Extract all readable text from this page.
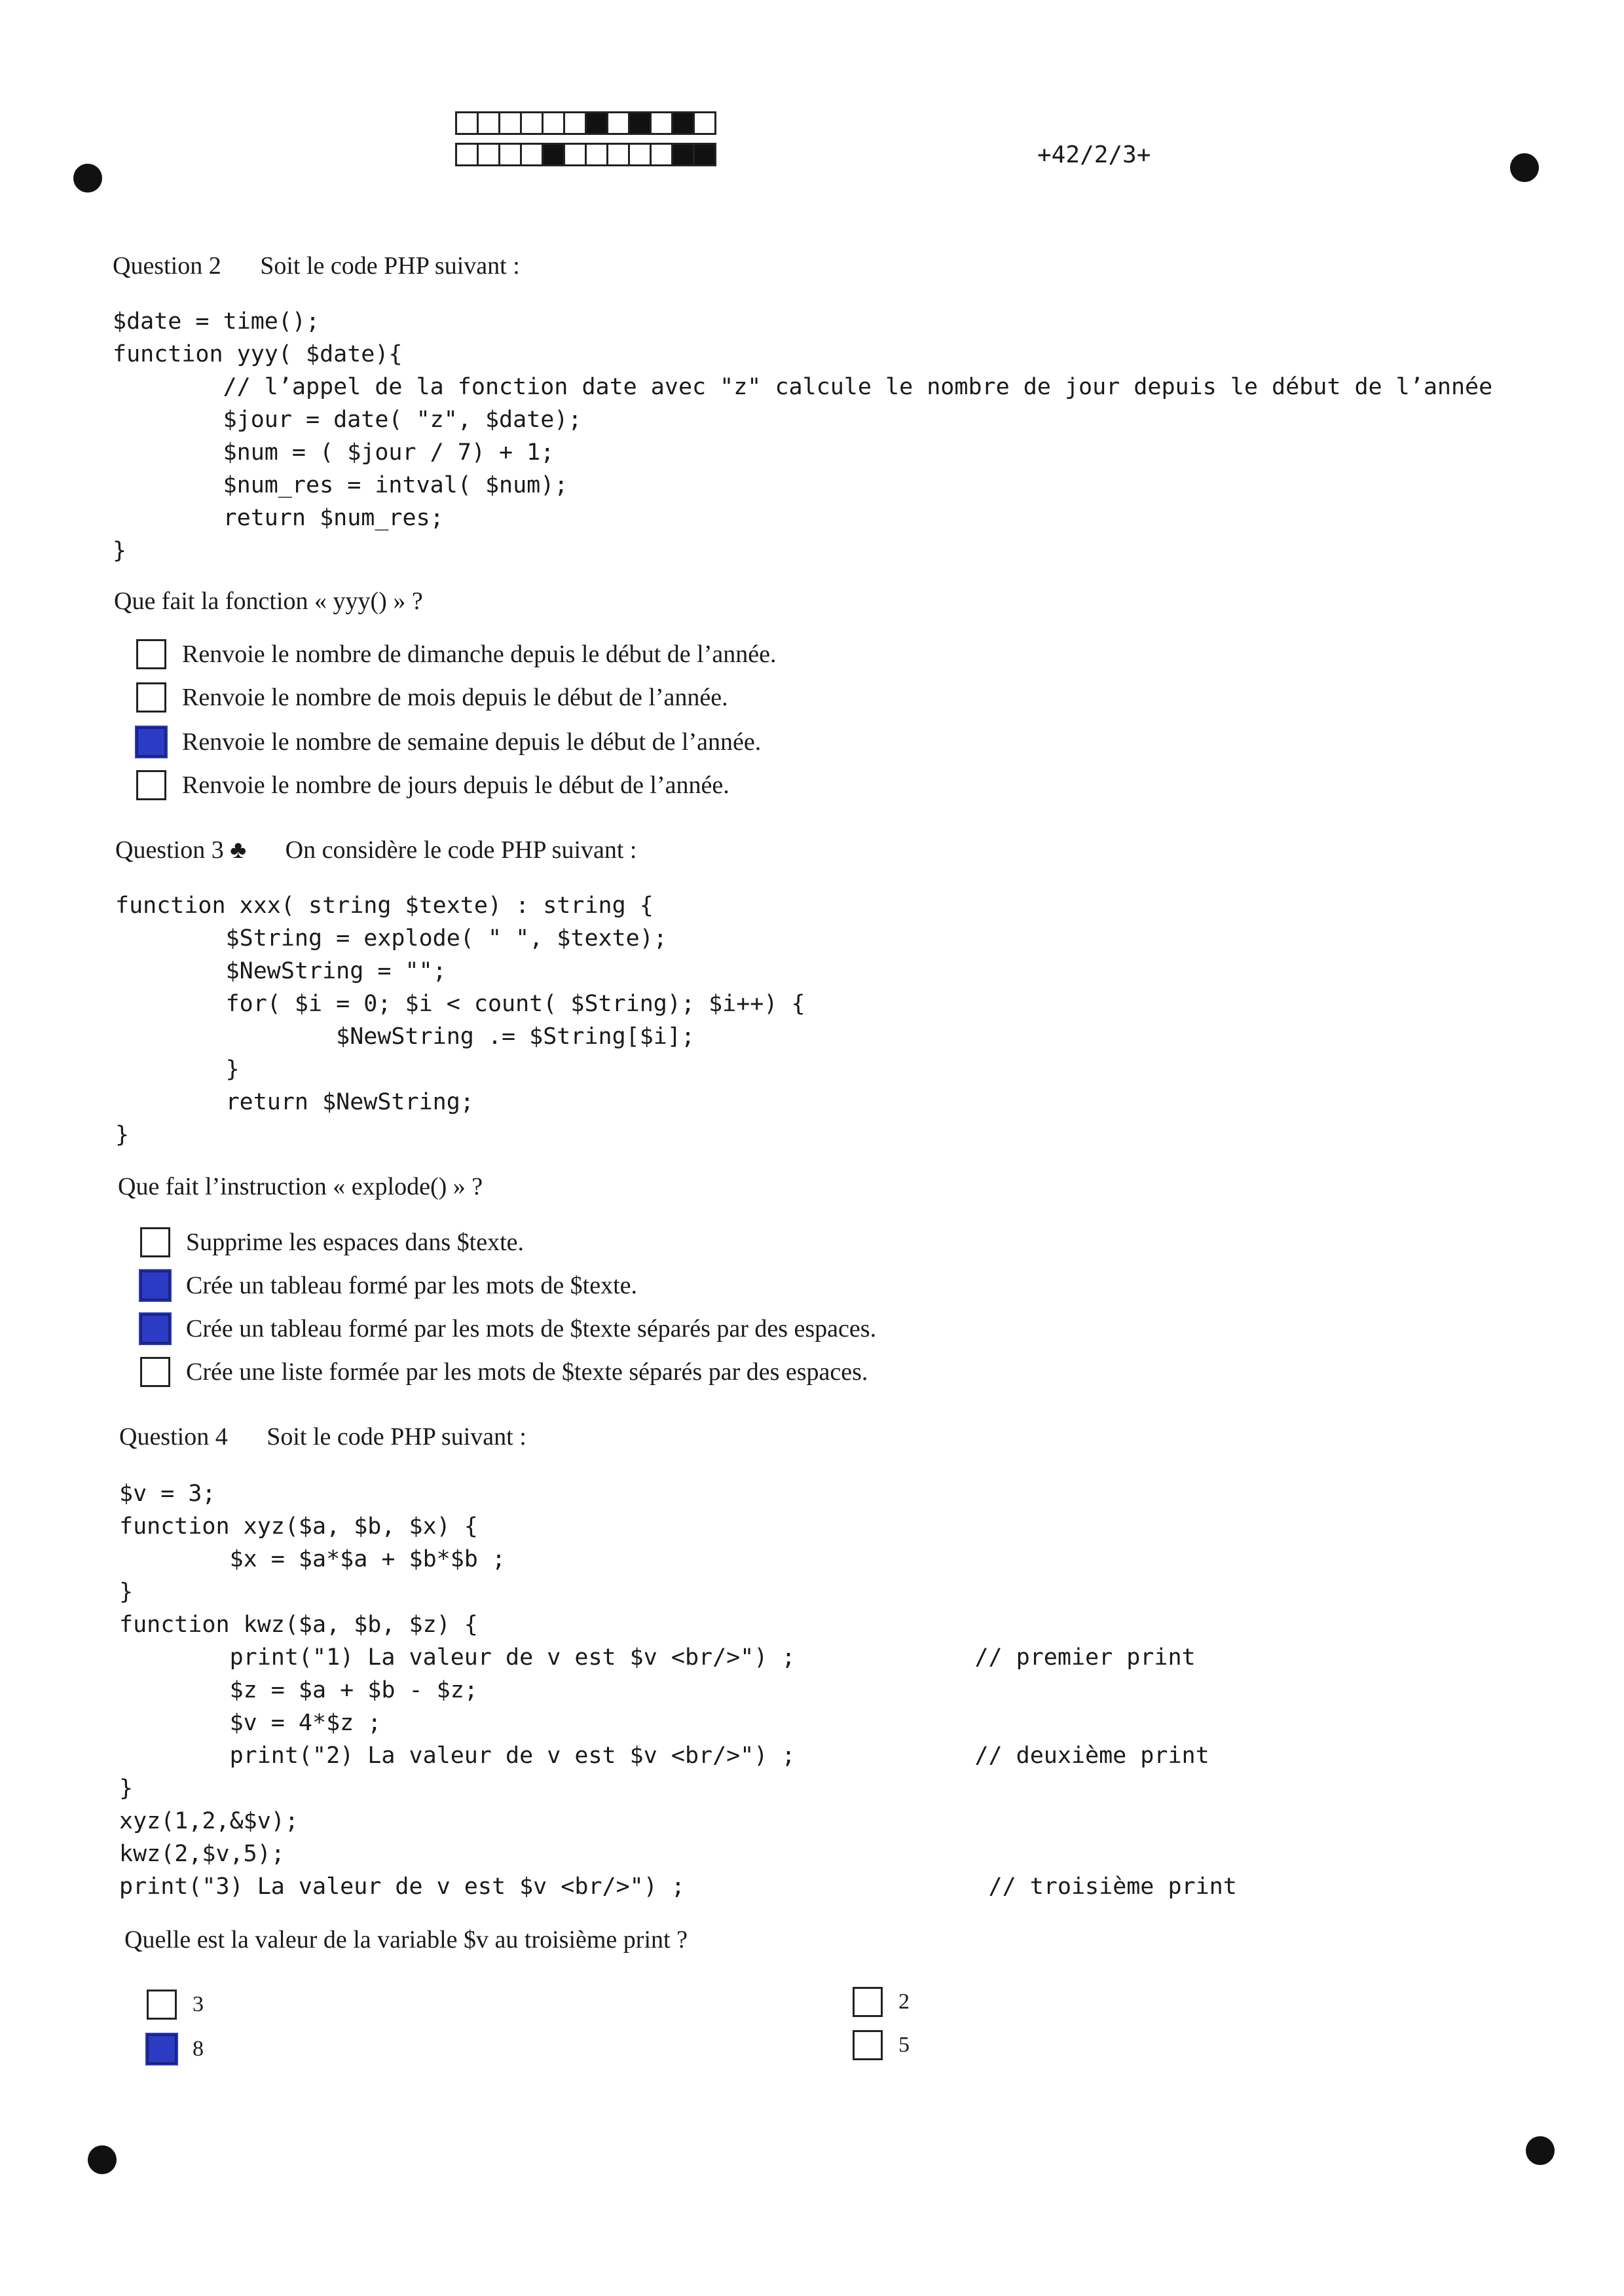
+42/2/3+
Question 2 Soit le code PHP suivant :
$date = time();
function yyy( $date){
// l’appel de la fonction date avec "z" calcule le nombre de jour depuis le début de l’année
$jour = date( "z", $date);
$num = ( $jour / 7) + 1;
$num_res = intval( $num);
return $num_res;
}
Que fait la fonction « yyy() » ?
Renvoie le nombre de dimanche depuis le début de l’année.
Renvoie le nombre de mois depuis le début de l’année.
Renvoie le nombre de semaine depuis le début de l’année.
Renvoie le nombre de jours depuis le début de l’année.
Question 3 ♣ On considère le code PHP suivant :
function xxx( string $texte) : string {
$String = explode( " ", $texte);
$NewString = "";
for( $i = 0; $i < count( $String); $i++) {
$NewString .= $String[$i];
}
return $NewString;
}
Que fait l’instruction « explode() » ?
Supprime les espaces dans $texte.
Crée un tableau formé par les mots de $texte.
Crée un tableau formé par les mots de $texte séparés par des espaces.
Crée une liste formée par les mots de $texte séparés par des espaces.
Question 4 Soit le code PHP suivant :
$v = 3;
function xyz($a, $b, $x) {
$x = $a*$a + $b*$b ;
}
function kwz($a, $b, $z) {
print("1) La valeur de v est $v <br/>") ;             // premier print
$z = $a + $b - $z;
$v = 4*$z ;
print("2) La valeur de v est $v <br/>") ;             // deuxième print
}
xyz(1,2,&$v);
kwz(2,$v,5);
print("3) La valeur de v est $v <br/>") ;                      // troisième print
Quelle est la valeur de la variable $v au troisième print ?
3
8
2
5
